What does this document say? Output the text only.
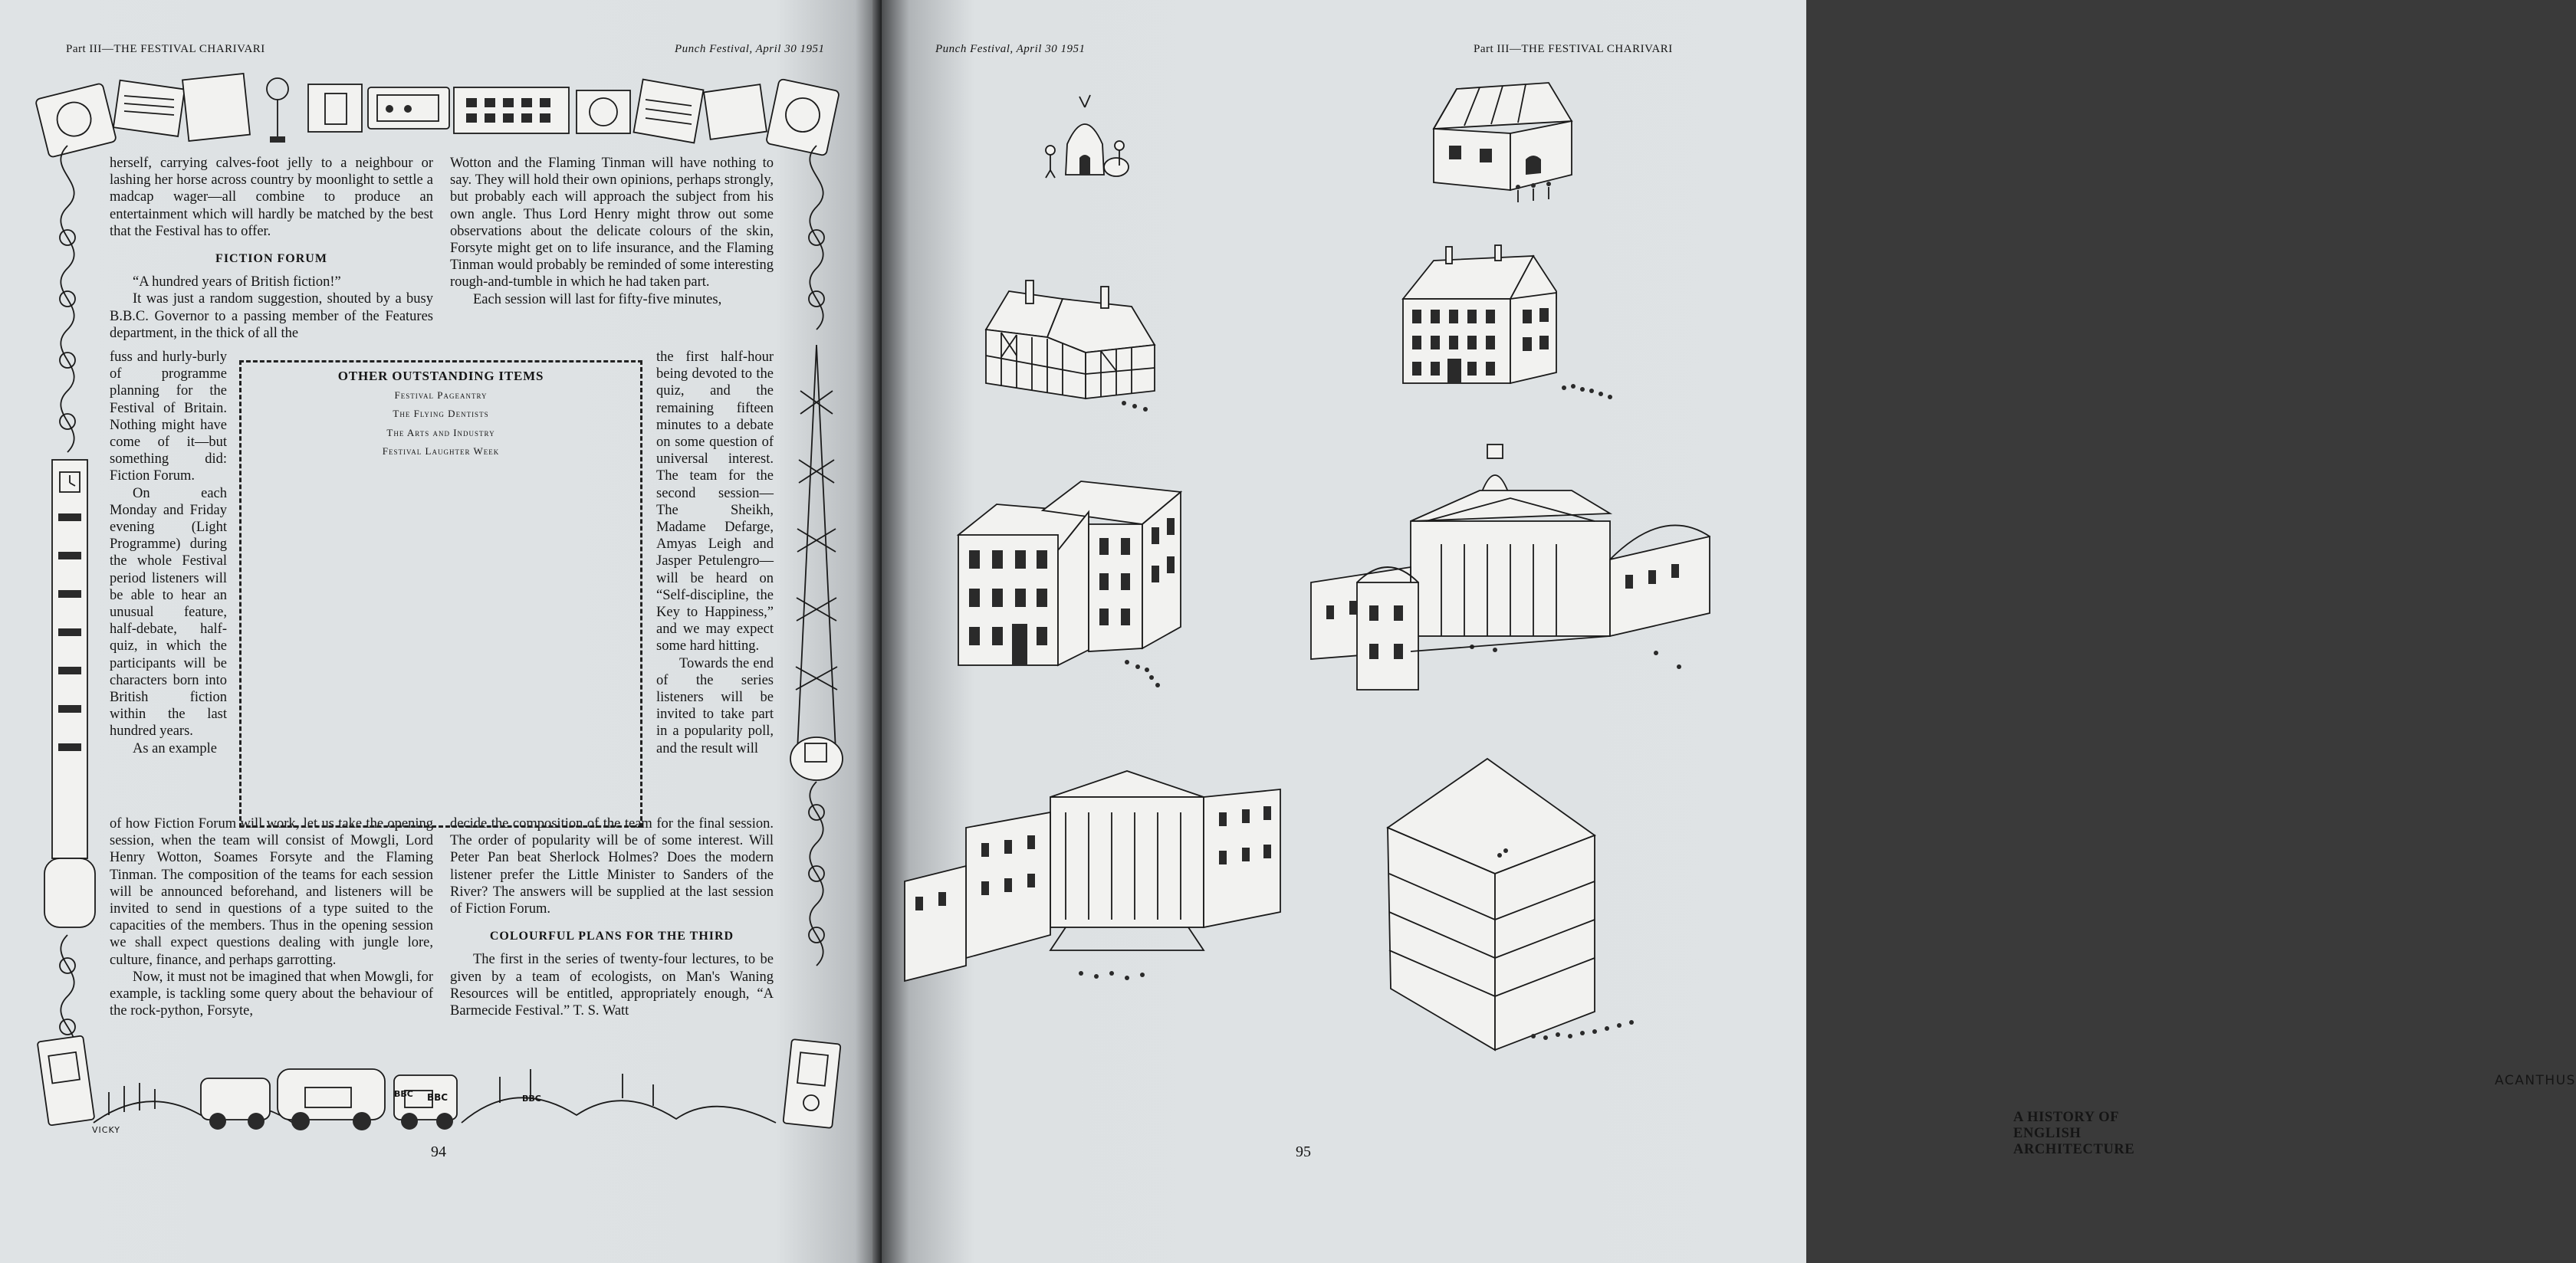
Part III—THE FESTIVAL CHARIVARI	Punch Festival, April 30 1951
BBC BBC	BBC
VICKY

herself, carrying calves-foot jelly to a neighbour or lashing her horse across country by moonlight to settle a madcap wager—all combine to produce an entertainment which will hardly be matched by the best that the Festival has to offer.

FICTION FORUM

“A hundred years of British fiction!”

It was just a random suggestion, shouted by a busy B.B.C. Governor to a passing member of the Features department, in the thick of all the

fuss and hurly-burly of programme planning for the Festival of Britain. Nothing might have come of it—but something did: Fiction Forum.

On each Monday and Friday evening (Light Programme) during the whole Festival period listeners will be able to hear an unusual feature, half-debate, half-quiz, in which the participants will be characters born into British fiction within the last hundred years.

As an example

of how Fiction Forum will work, let us take the opening session, when the team will consist of Mowgli, Lord Henry Wotton, Soames Forsyte and the Flaming Tinman. The composition of the teams for each session will be announced beforehand, and listeners will be invited to send in questions of a type suited to the capacities of the members. Thus in the opening session we shall expect questions dealing with jungle lore, culture, finance, and perhaps garrotting.

Now, it must not be imagined that when Mowgli, for example, is tackling some query about the behaviour of the rock-python, Forsyte,

Wotton and the Flaming Tinman will have nothing to say. They will hold their own opinions, perhaps strongly, but probably each will approach the subject from his own angle. Thus Lord Henry might throw out some observations about the delicate colours of the skin, Forsyte might get on to life insurance, and the Flaming Tinman would probably be reminded of some interesting rough-and-tumble in which he had taken part.

Each session will last for fifty-five minutes,

the first half-hour being devoted to the quiz, and the remaining fifteen minutes to a debate on some question of universal interest. The team for the second session—The Sheikh, Madame Defarge, Amyas Leigh and Jasper Petulengro—will be heard on “Self-discipline, the Key to Happiness,” and we may expect some hard hitting.

Towards the end of the series listeners will be invited to take part in a popularity poll, and the result will

decide the composition of the team for the final session. The order of popularity will be of some interest. Will Peter Pan beat Sherlock Holmes? Does the modern listener prefer the Little Minister to Sanders of the River? The answers will be supplied at the last session of Fiction Forum.

COLOURFUL PLANS FOR THE THIRD

The first in the series of twenty-four lectures, to be given by a team of ecologists, on Man's Waning Resources will be entitled, appropriately enough, “A Barmecide Festival.” T. S. Watt

OTHER OUTSTANDING ITEMS
Festival Pageantry
The Flying Dentists
The Arts and Industry
Festival Laughter Week
94
Punch Festival, April 30 1951	Part III—THE FESTIVAL CHARIVARI

ACANTHUS
A HISTORY OF ENGLISH ARCHITECTURE
95
